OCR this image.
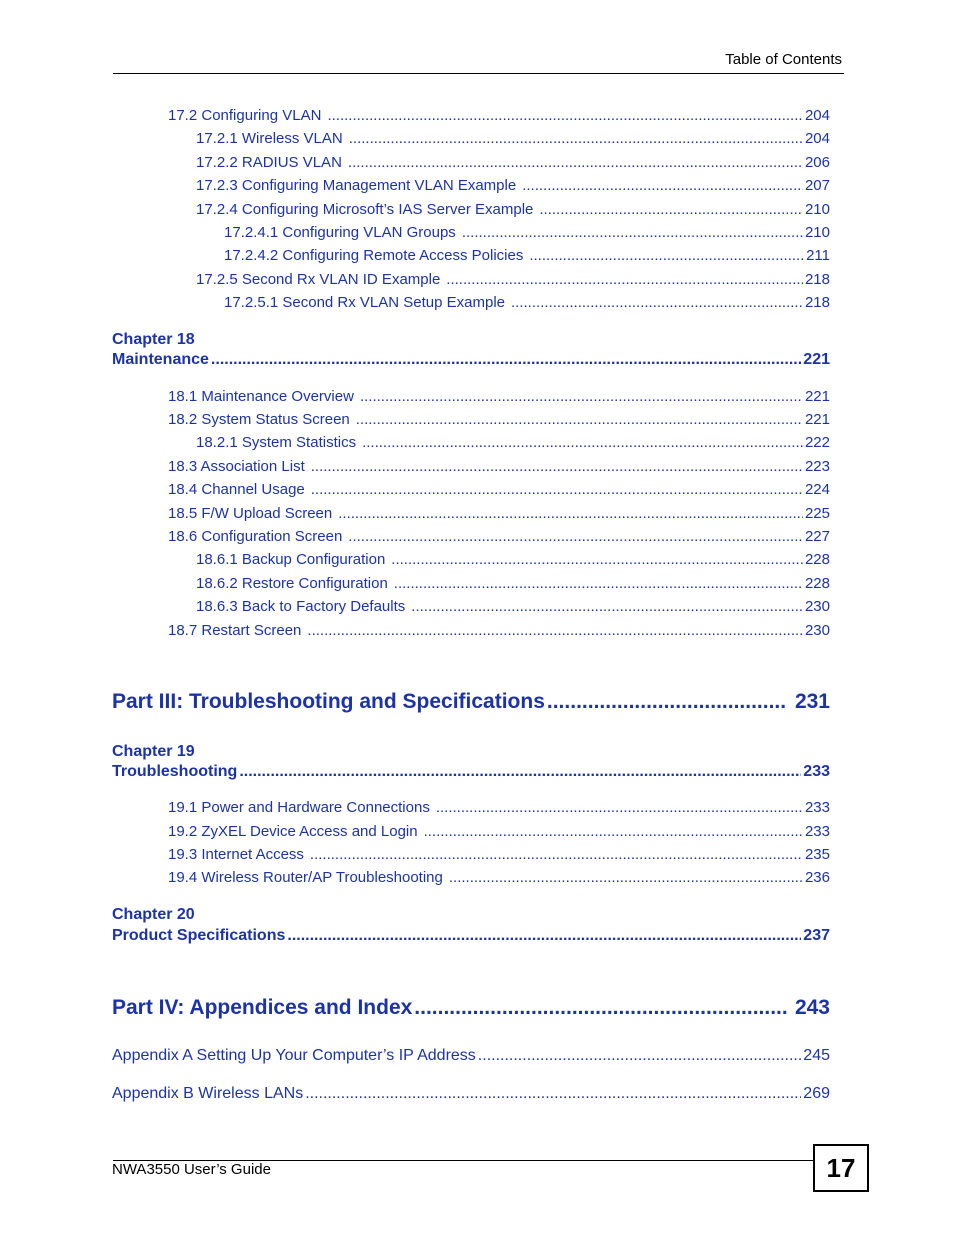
Table of Contents
17.2 Configuring VLAN .....	204
17.2.1 Wireless VLAN .....	204
17.2.2 RADIUS VLAN .....	206
17.2.3 Configuring Management VLAN Example .....	207
17.2.4 Configuring Microsoft’s IAS Server Example .....	210
17.2.4.1 Configuring VLAN Groups .....	210
17.2.4.2 Configuring Remote Access Policies .....	211
17.2.5 Second Rx VLAN ID Example .....	218
17.2.5.1 Second Rx VLAN Setup Example .....	218
Chapter 18
Maintenance .....	221
18.1 Maintenance Overview .....	221
18.2 System Status Screen .....	221
18.2.1 System Statistics .....	222
18.3 Association List .....	223
18.4 Channel Usage .....	224
18.5 F/W Upload Screen .....	225
18.6 Configuration Screen .....	227
18.6.1 Backup Configuration .....	228
18.6.2 Restore Configuration .....	228
18.6.3 Back to Factory Defaults .....	230
18.7 Restart Screen .....	230
Part III: Troubleshooting and Specifications .....	231
Chapter 19
Troubleshooting .....	233
19.1 Power and Hardware Connections .....	233
19.2 ZyXEL Device Access and Login .....	233
19.3 Internet Access .....	235
19.4 Wireless Router/AP Troubleshooting .....	236
Chapter 20
Product Specifications .....	237
Part IV: Appendices and Index .....	243
Appendix A Setting Up Your Computer’s IP Address .....	245
Appendix B Wireless LANs .....	269
NWA3550 User’s Guide	17
